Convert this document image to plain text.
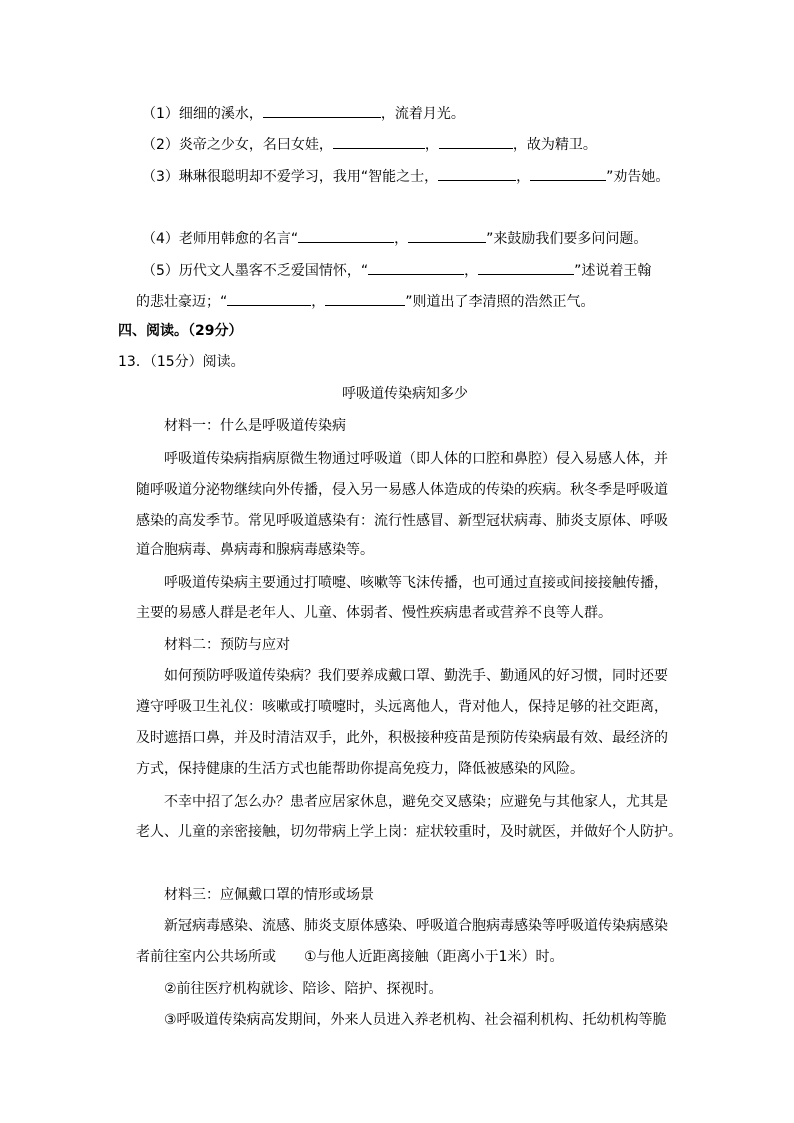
（1）细细的溪水，	，流着月光。
（2）炎帝之少女，名曰女娃，	，	，故为精卫。
（3）琳琳很聪明却不爱学习，我用“智能之士，	，	”劝告她。
（4）老师用韩愈的名言“	，	”来鼓励我们要多问问题。
（5）历代文人墨客不乏爱国情怀，“	，	”述说着王翰
的悲壮豪迈；“	，	”则道出了李清照的浩然正气。
四、阅读。（29分）
13．（15分）阅读。
呼吸道传染病知多少
材料一：什么是呼吸道传染病
呼吸道传染病指病原微生物通过呼吸道（即人体的口腔和鼻腔）侵入易感人体，并
随呼吸道分泌物继续向外传播，侵入另一易感人体造成的传染的疾病。秋冬季是呼吸道
感染的高发季节。常见呼吸道感染有：流行性感冒、新型冠状病毒、肺炎支原体、呼吸
道合胞病毒、鼻病毒和腺病毒感染等。
呼吸道传染病主要通过打喷嚏、咳嗽等飞沫传播，也可通过直接或间接接触传播，
主要的易感人群是老年人、儿童、体弱者、慢性疾病患者或营养不良等人群。
材料二：预防与应对
如何预防呼吸道传染病？我们要养成戴口罩、勤洗手、勤通风的好习惯，同时还要
遵守呼吸卫生礼仪：咳嗽或打喷嚏时，头远离他人，背对他人，保持足够的社交距离，
及时遮捂口鼻，并及时清洁双手，此外，积极接种疫苗是预防传染病最有效、最经济的
方式，保持健康的生活方式也能帮助你提高免疫力，降低被感染的风险。
不幸中招了怎么办？患者应居家休息，避免交叉感染；应避免与其他家人，尤其是
老人、儿童的亲密接触，切勿带病上学上岗：症状较重时，及时就医，并做好个人防护。
材料三：应佩戴口罩的情形或场景
新冠病毒感染、流感、肺炎支原体感染、呼吸道合胞病毒感染等呼吸道传染病感染
者前往室内公共场所或　　①与他人近距离接触（距离小于1米）时。
②前往医疗机构就诊、陪诊、陪护、探视时。
③呼吸道传染病高发期间，外来人员进入养老机构、社会福利机构、托幼机构等脆
